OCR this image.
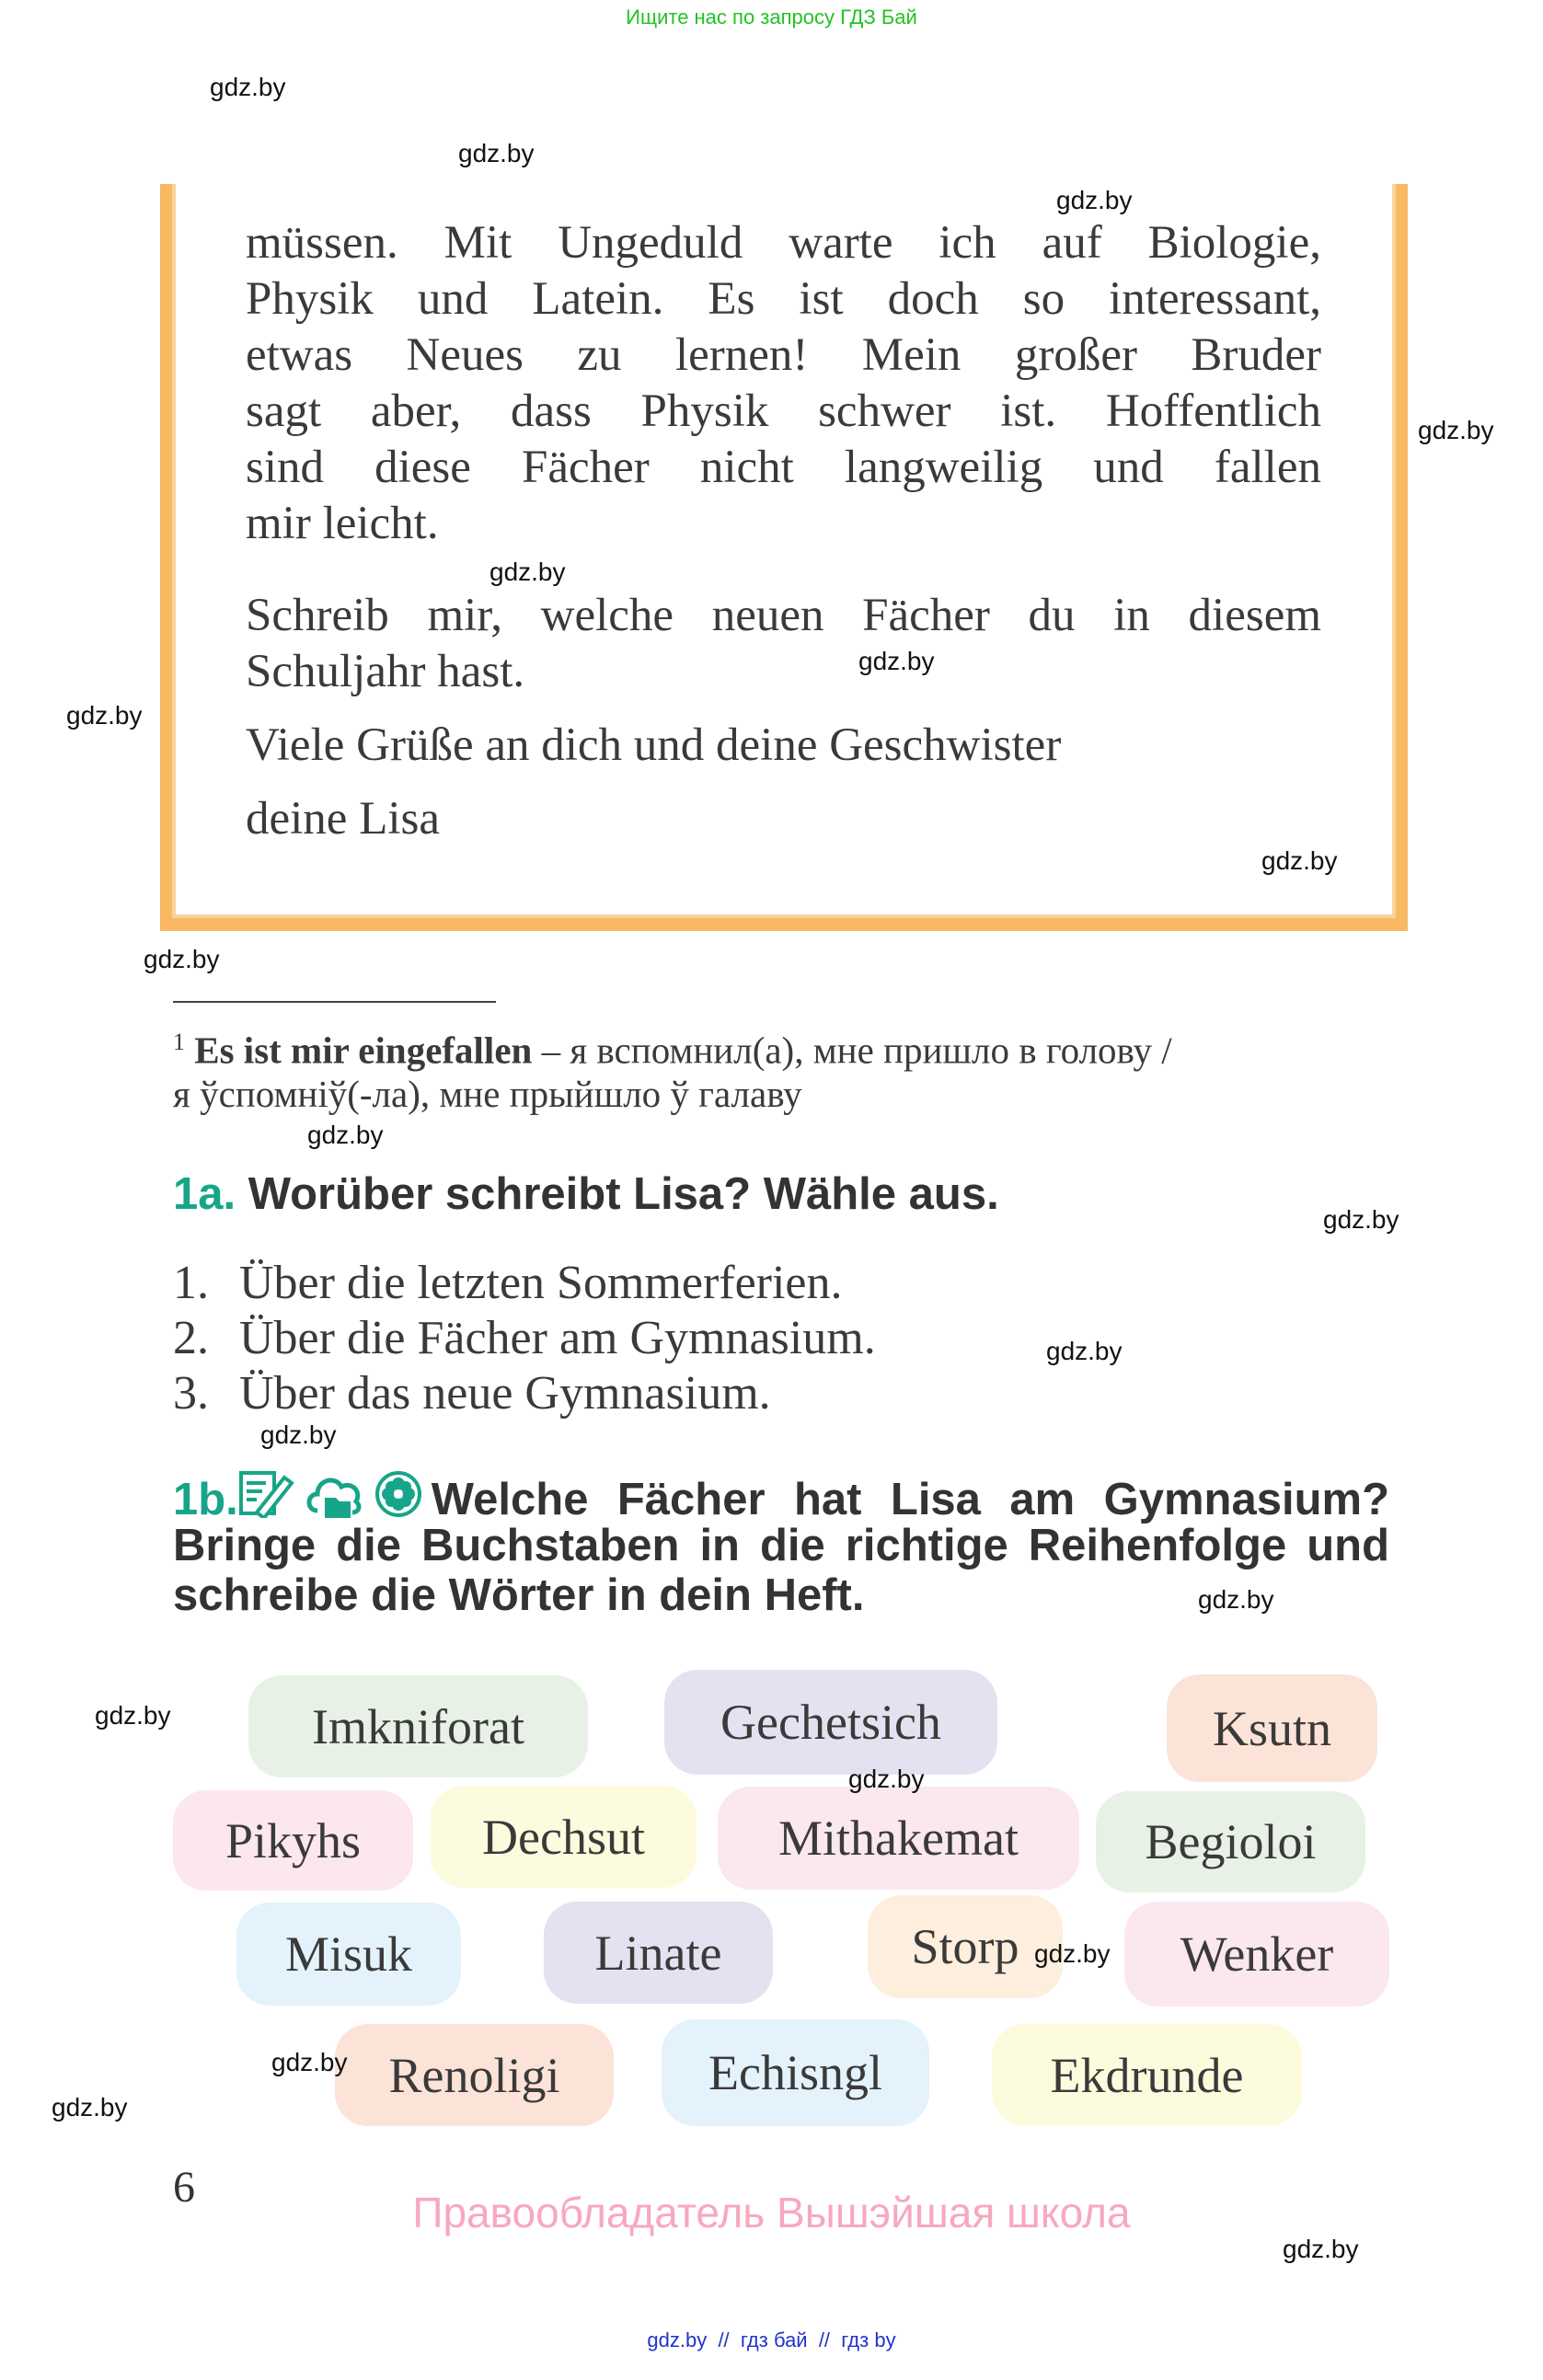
Ищите нас по запросу ГДЗ Бай
müssen. Mit Ungeduld warte ich auf Biologie,
Physik und Latein. Es ist doch so interessant,
etwas Neues zu lernen! Mein großer Bruder
sagt aber, dass Physik schwer ist. Hoffentlich
sind diese Fächer nicht langweilig und fallen
mir leicht.
Schreib mir, welche neuen Fächer du in diesem
Schuljahr hast.
Viele Grüße an dich und deine Geschwister
deine Lisa
$^1$ Es ist mir eingefallen – я вспомнил(а), мне пришло в голову /
я ўспомніў(-ла), мне прыйшло ў галаву
1a. Worüber schreibt Lisa? Wähle aus.
1. Über die letzten Sommerferien.
2. Über die Fächer am Gymnasium.
3. Über das neue Gymnasium.
1b.	Welche Fächer hat Lisa am Gymnasium?
Bringe die Buchstaben in die richtige Reihenfolge und
schreibe die Wörter in dein Heft.
Imkniforat	Gechetsich	Ksutn
Pikyhs	Dechsut	Mithakemat	Begioloi
Misuk	Linate	Storp	Wenker
Renoligi	Echisngl	Ekdrunde
6
Правообладатель Вышэйшая школа
gdz.by  //  гдз бай  //  гдз by
gdz.by
gdz.by
gdz.by
gdz.by
gdz.by
gdz.by
gdz.by
gdz.by
gdz.by
gdz.by
gdz.by
gdz.by
gdz.by
gdz.by
gdz.by
gdz.by
gdz.by
gdz.by
gdz.by
gdz.by
